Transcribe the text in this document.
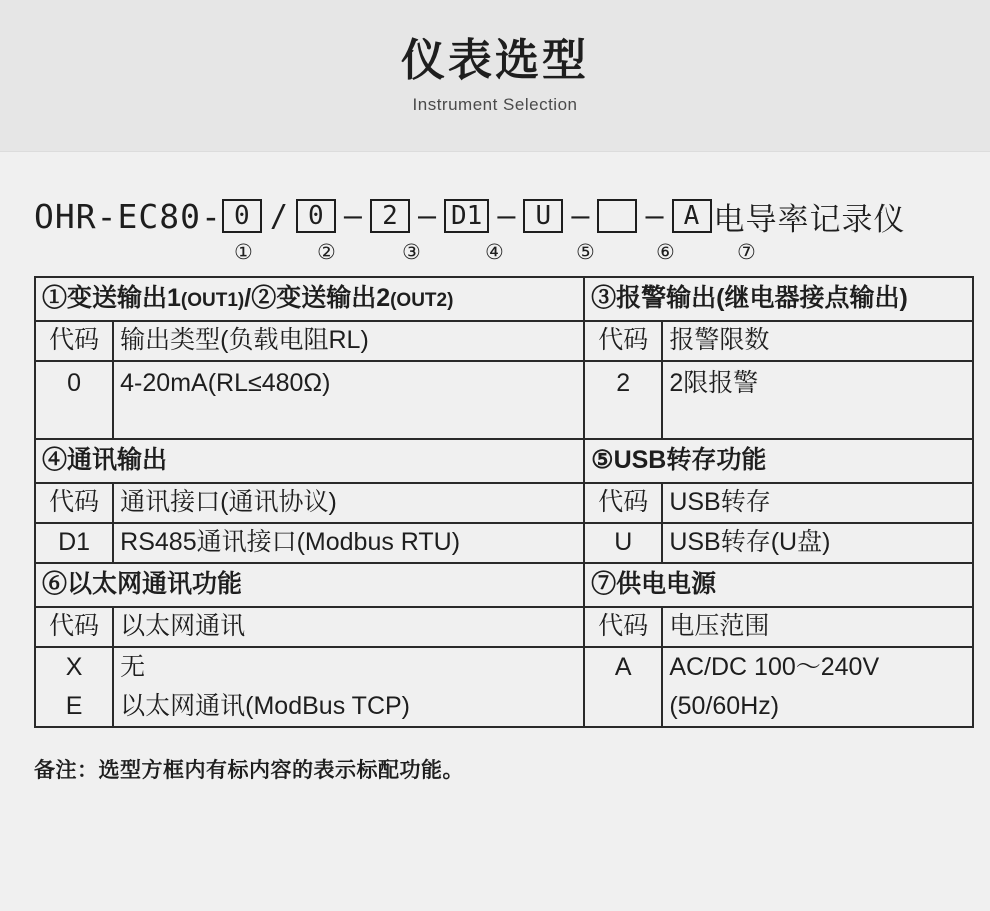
仪表选型
Instrument Selection
OHR-EC80- 0 / 0 – 2 – D1 – U – – A 电导率记录仪
①	②	③	④	⑤	⑥	⑦
①变送输出1(OUT1)/②变送输出2(OUT2)		③报警输出(继电器接点输出)	
代码	输出类型(负载电阻RL)	代码	报警限数
0	4-20mA(RL≤480Ω)	2	2限报警
④通讯输出		⑤USB转存功能	
代码	通讯接口(通讯协议)	代码	USB转存
D1	RS485通讯接口(Modbus RTU)	U	USB转存(U盘)
⑥以太网通讯功能		⑦供电电源	
代码	以太网通讯	代码	电压范围
X	无	A	AC/DC 100～240V
E	以太网通讯(ModBus TCP)		(50/60Hz)
备注：选型方框内有标内容的表示标配功能。
